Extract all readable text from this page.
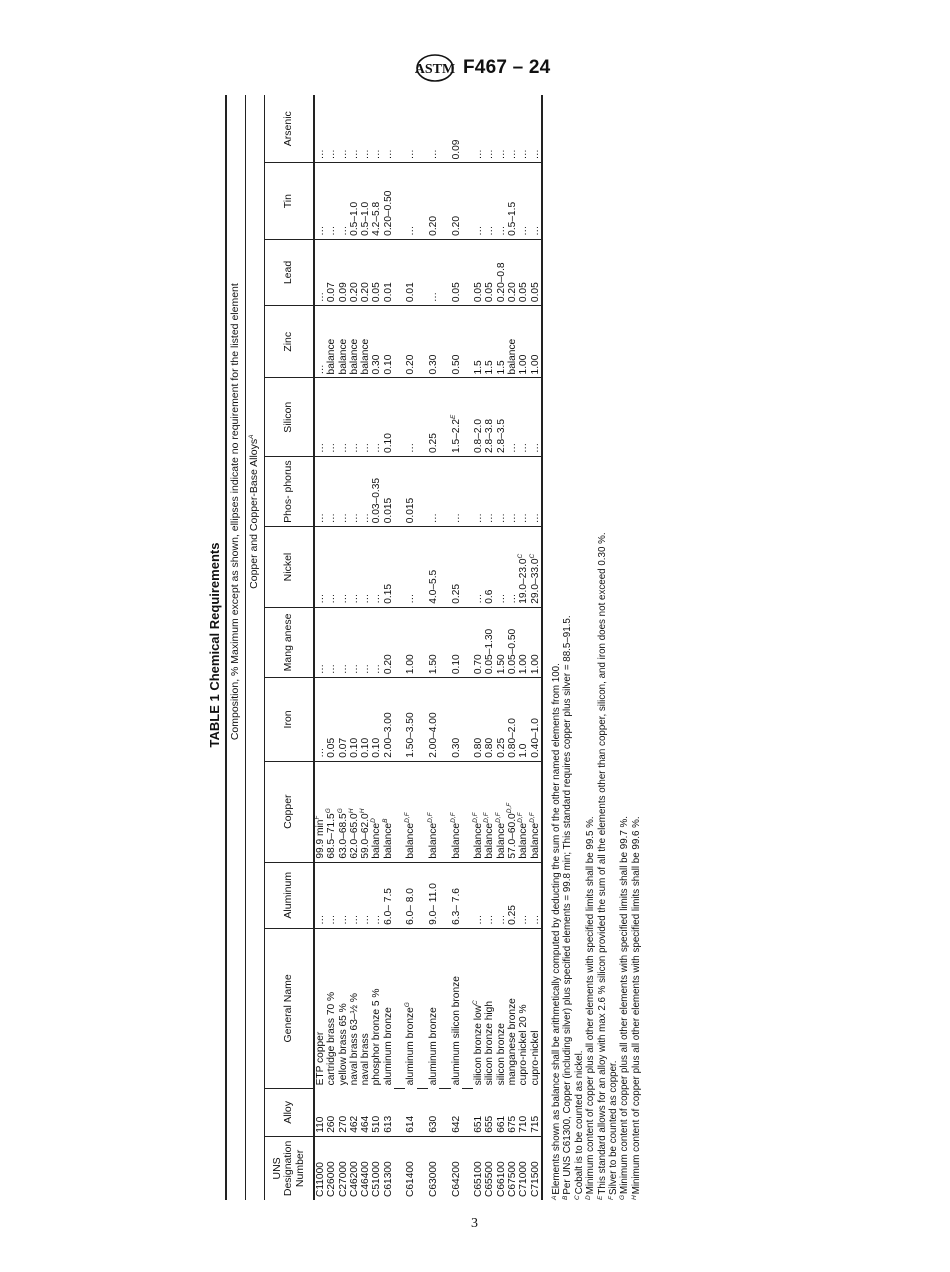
ASTM F467 – 24
TABLE 1 Chemical Requirements
			Composition, % Maximum except as shown, ellipses indicate no requirement for the listed element										
			Copper and Copper-Base Alloys$^A$
UNS Designation Number	Alloy	General Name	Aluminum	Copper	Iron	Mang anese	Nickel	Phos- phorus	Silicon	Zinc	Lead	Tin	Arsenic
C11000	110	ETP copper	…	99.9 $\min^F$	…	…	…	…	…	…	…	…	…
C26000	260	cartridge brass 70 %	…	$68.5-71.5^G$	0.05	…	…	…	…	balance	0.07	…	…
C27000	270	yellow brass 65 %	…	$63.0-68.5^G$	0.07	…	…	…	…	balance	0.09	…	…
C46200	462	naval brass 63–½ %	…	$62.0-65.0^H$	0.10	…	…	…	…	balance	0.20	0.5–1.0	…
C46400	464	naval brass	…	$59.0-62.0^H$	0.10	…	…	…	…	balance	0.20	0.5–1.0	…
C51000	510	phosphor bronze 5 %	…	balance$^D$	0.10	…	…	0.03–0.35	…	0.30	0.05	4.2–5.8	…
C61300	613	aluminum bronze	6.0– 7.5	balance$^B$	2.00–3.00	0.20	0.15	0.015	0.10	0.10	0.01	0.20–0.50	…

C61400	614	aluminum bronze$^G$	6.0– 8.0	balance$^{D,F}$	1.50–3.50	1.00	…	0.015	…	0.20	0.01	…	…

C63000	630	aluminum bronze	9.0– 11.0	balance$^{D,F}$	2.00–4.00	1.50	4.0–5.5	…	0.25	0.30	…	0.20	…

C64200	642	aluminum silicon bronze	6.3– 7.6	balance$^{D,F}$	0.30	0.10	0.25	…	$1.5-2.2^E$	0.50	0.05	0.20	0.09

C65100	651	silicon bronze low$^C$	…	balance$^{D,F}$	0.80	0.70	…	…	0.8–2.0	1.5	0.05	…	…
C65500	655	silicon bronze high	…	balance$^{D,F}$	0.80	0.05–1.30	0.6	…	2.8–3.8	1.5	0.05	…	…
C66100	661	silicon bronze	…	balance$^{D,F}$	0.25	1.50	…	…	2.8–3.5	1.5	0.20–0.8	…	…
C67500	675	manganese bronze	0.25	$57.0-60.0^{D,F}$	0.80–2.0	0.05–0.50	…	…	…	balance	0.20	0.5–1.5	…
C71000	710	cupro-nickel 20 %	…	balance$^{D,F}$	1.0	1.00	$19.0-23.0^C$	…	…	1.00	0.05	…	…
C71500	715	cupro-nickel	…	balance$^{D,F}$	0.40–1.0	1.00	$29.0-33.0^C$	…	…	1.00	0.05	…	…
$^A$Elements shown as balance shall be arithmetically computed by deducting the sum of the other named elements from 100.
$^B$Per UNS C61300, Copper (including silver) plus specified elements = 99.8 min; This standard requires copper plus silver = 88.5–91.5.
$^C$Cobalt is to be counted as nickel.
$^D$Minimum content of copper plus all other elements with specified limits shall be 99.5 %.
$^E$This standard allows for an alloy with max 2.6 % silicon provided the sum of all the elements other than copper, silicon, and iron does not exceed 0.30 %.
$^F$Silver to be counted as copper.
$^G$Minimum content of copper plus all other elements with specified limits shall be 99.7 %.
$^H$Minimum content of copper plus all other elements with specified limits shall be 99.6 %.
3
